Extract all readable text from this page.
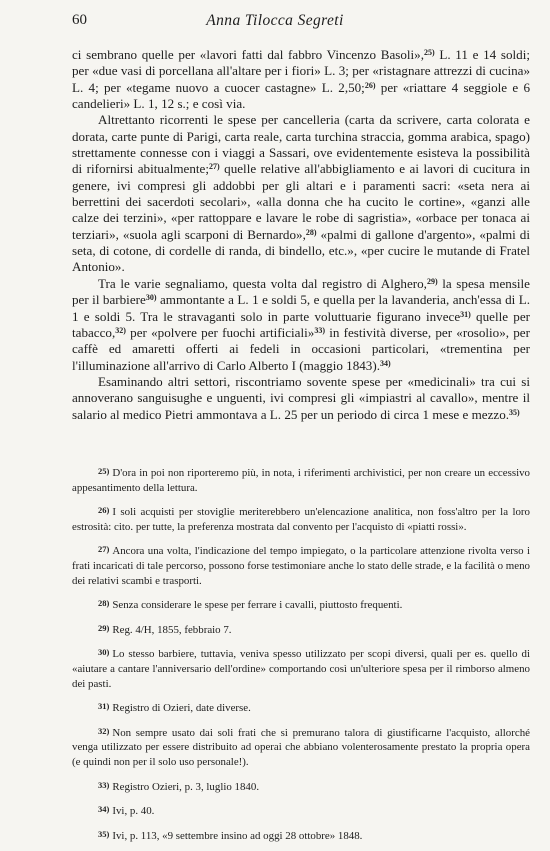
60	Anna Tilocca Segreti

ci sembrano quelle per «lavori fatti dal fabbro Vincenzo Basoli»,$^{25)}$ L. 11 e 14 soldi; per «due vasi di porcellana all'altare per i fiori» L. 3; per «ristagnare attrezzi di cucina» L. 4; per «tegame nuovo a cuocer castagne» L. 2,50;$^{26)}$ per «riattare 4 seggiole e 6 candelieri» L. 1, 12 s.; e così via.

Altrettanto ricorrenti le spese per cancelleria (carta da scrivere, carta colorata e dorata, carte punte di Parigi, carta reale, carta turchina straccia, gomma arabica, spago) strettamente connesse con i viaggi a Sassari, ove evidentemente esisteva la possibilità di rifornirsi abitualmente;$^{27)}$ quelle relative all'abbigliamento e ai lavori di cucitura in genere, ivi compresi gli addobbi per gli altari e i paramenti sacri: «seta nera ai berrettini dei sacerdoti secolari», «alla donna che ha cucito le cortine», «ganzi alle calze dei terzini», «per rattoppare e lavare le robe di sagristia», «orbace per tonaca ai terziari», «suola agli scarponi di Bernardo»,$^{28)}$ «palmi di gallone d'argento», «palmi di seta, di cotone, di cordelle di randa, di bindello, etc.», «per cucire le mutande di Fratel Antonio».

Tra le varie segnaliamo, questa volta dal registro di Alghero,$^{29)}$ la spesa mensile per il barbiere$^{30)}$ ammontante a L. 1 e soldi 5, e quella per la lavanderia, anch'essa di L. 1 e soldi 5. Tra le stravaganti solo in parte voluttuarie figurano invece$^{31)}$ quelle per tabacco,$^{32)}$ per «polvere per fuochi artificiali»$^{33)}$ in festività diverse, per «rosolio», per caffè ed amaretti offerti ai fedeli in occasioni particolari, «trementina per l'illuminazione all'arrivo di Carlo Alberto I (maggio 1843).$^{34)}$

Esaminando altri settori, riscontriamo sovente spese per «medicinali» tra cui si annoverano sanguisughe e unguenti, ivi compresi gli «impiastri al cavallo», mentre il salario al medico Pietri ammontava a L. 25 per un periodo di circa 1 mese e mezzo.$^{35)}$

25) D'ora in poi non riporteremo più, in nota, i riferimenti archivistici, per non creare un eccessivo appesantimento della lettura.

26) I soli acquisti per stoviglie meriterebbero un'elencazione analitica, non foss'altro per la loro estrosità: cito. per tutte, la preferenza mostrata dal convento per l'acquisto di «piatti rossi».

27) Ancora una volta, l'indicazione del tempo impiegato, o la particolare attenzione rivolta verso i frati incaricati di tale percorso, possono forse testimoniare anche lo stato delle strade, e la facilità o meno dei relativi scambi e trasporti.

28) Senza considerare le spese per ferrare i cavalli, piuttosto frequenti.

29) Reg. 4/H, 1855, febbraio 7.

30) Lo stesso barbiere, tuttavia, veniva spesso utilizzato per scopi diversi, quali per es. quello di «aiutare a cantare l'anniversario dell'ordine» comportando così un'ulteriore spesa per il rimborso almeno dei pasti.

31) Registro di Ozieri, date diverse.

32) Non sempre usato dai soli frati che si premurano talora di giustificarne l'acquisto, allorché venga utilizzato per essere distribuito ad operai che abbiano volenterosamente prestato la propria opera (e quindi non per il solo uso personale!).

33) Registro Ozieri, p. 3, luglio 1840.

34) Ivi, p. 40.

35) Ivi, p. 113, «9 settembre insino ad oggi 28 ottobre» 1848.
